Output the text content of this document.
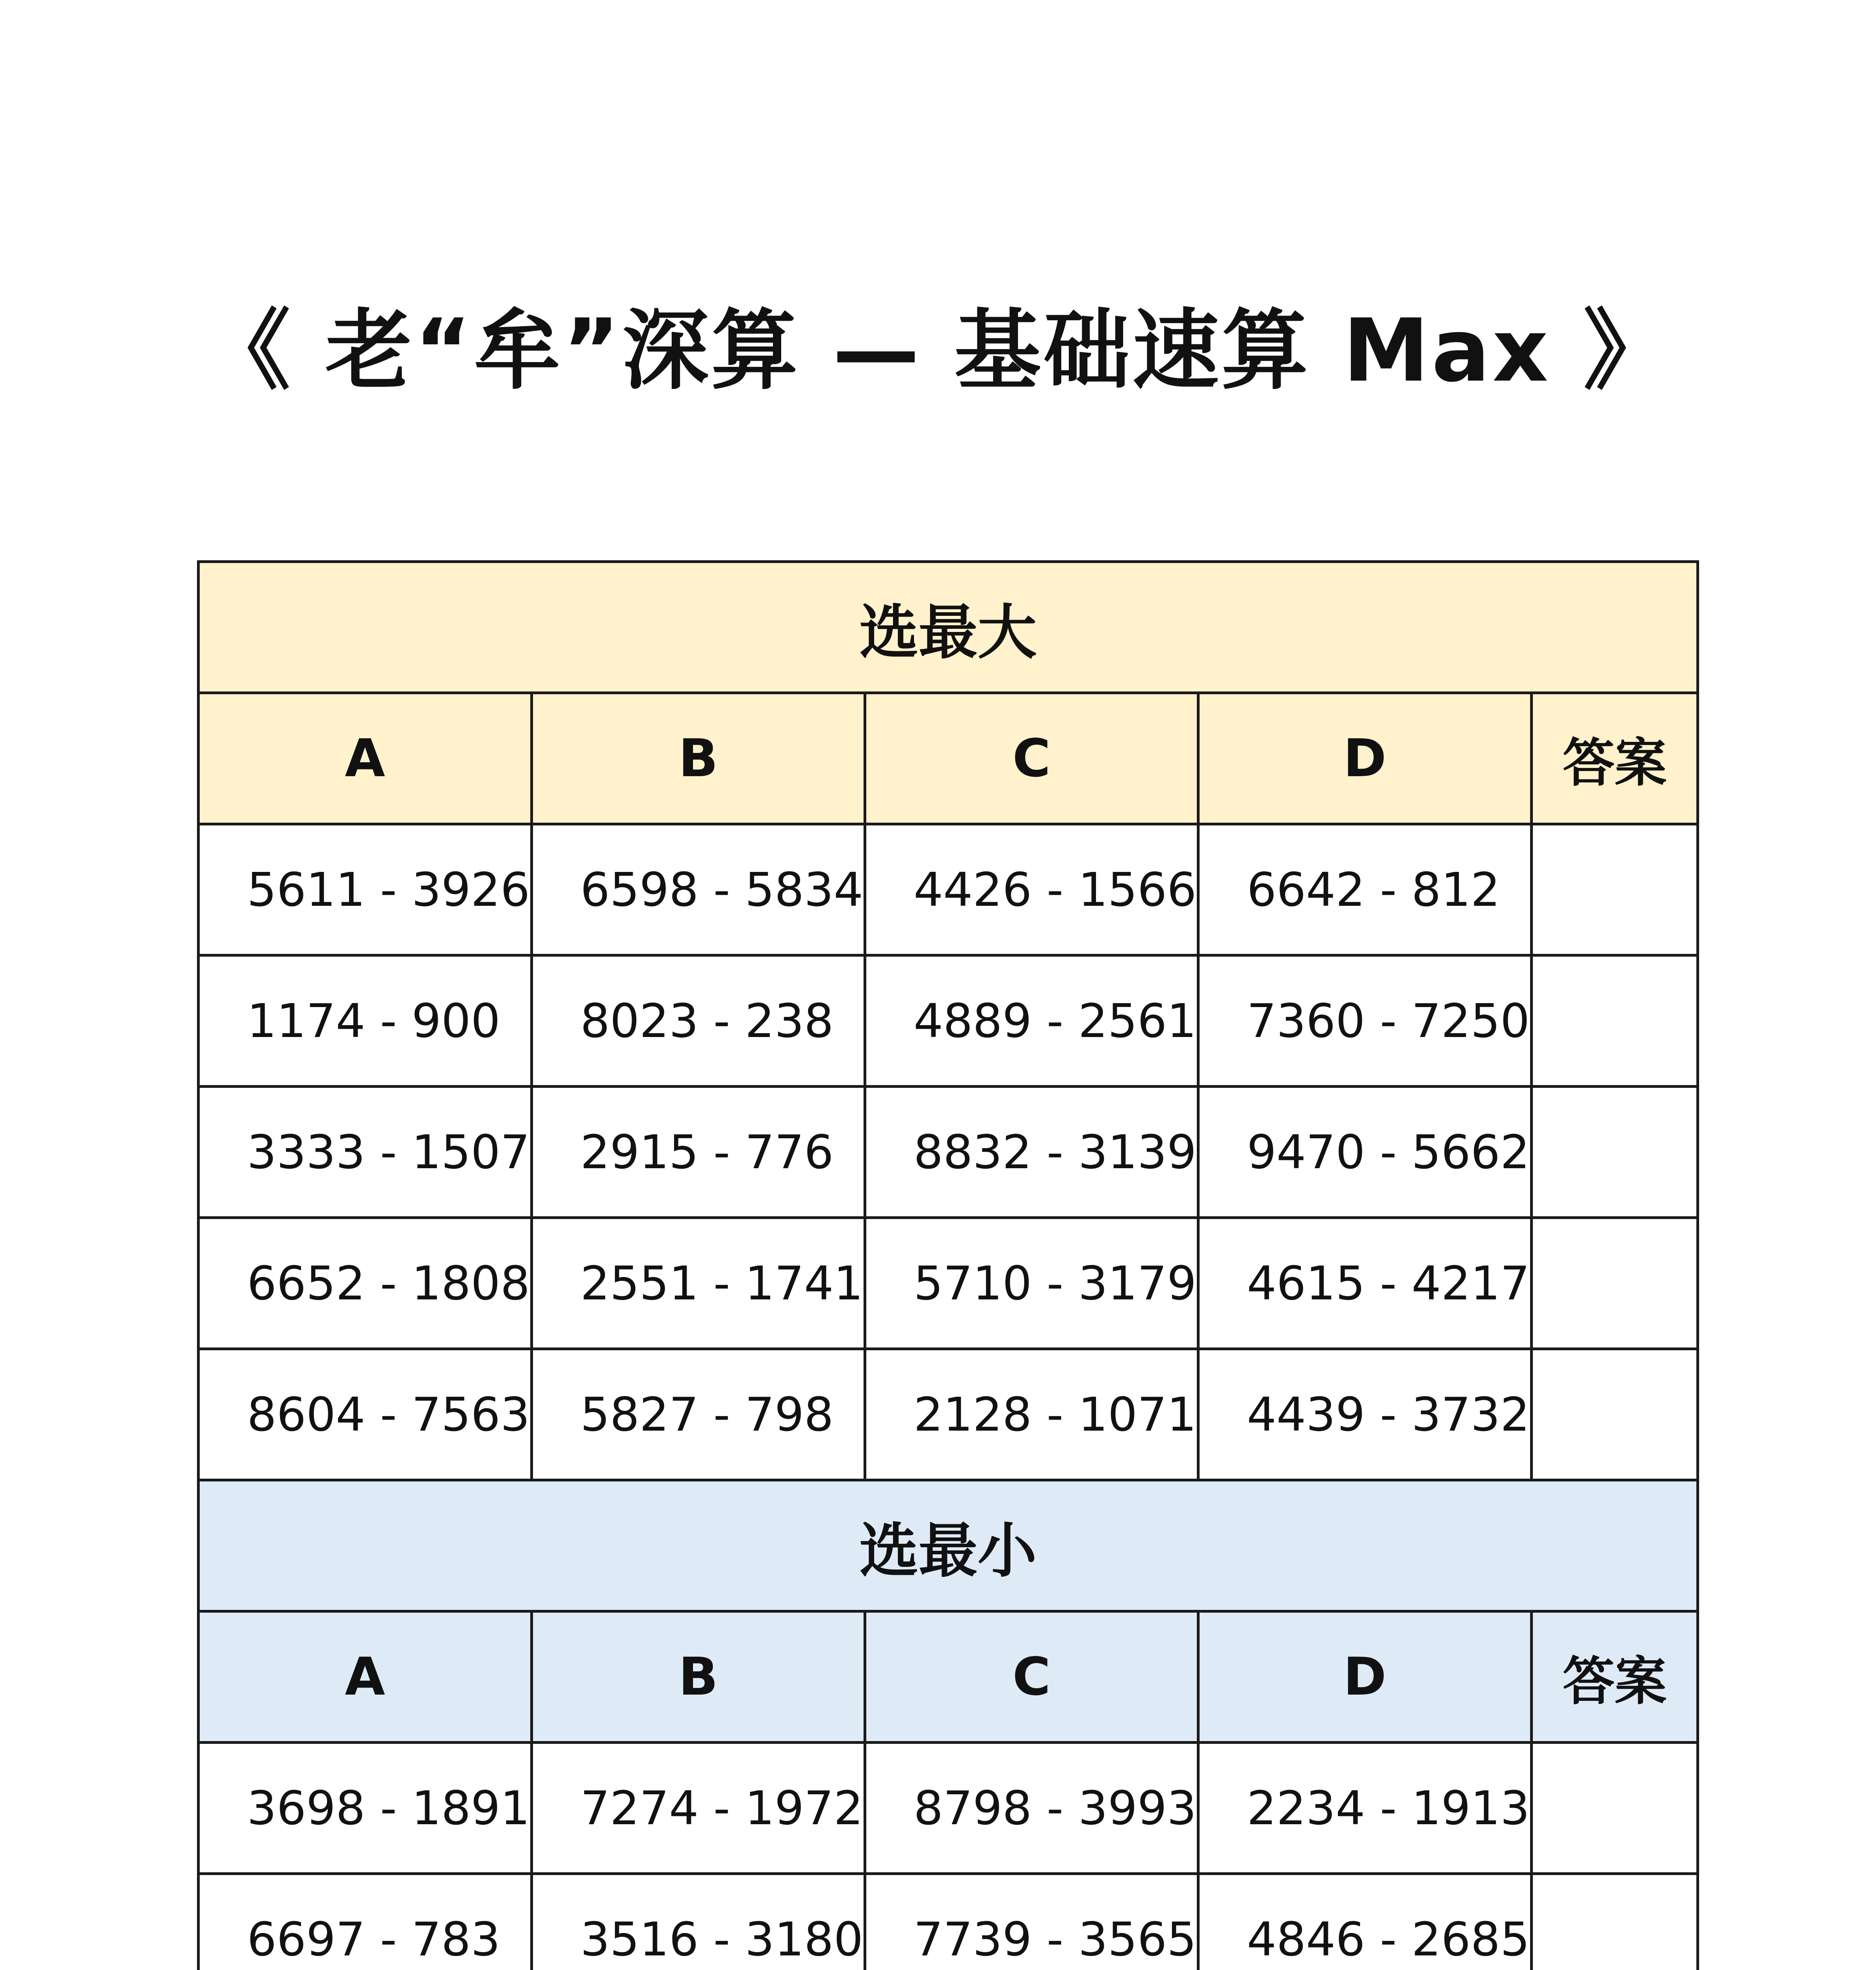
《 老“牟”深算 — 基础速算 Max 》
选最大				
A	B	C	D	答案
5611 - 3926	6598 - 5834	4426 - 1566	6642 - 812	
1174 - 900	8023 - 238	4889 - 2561	7360 - 7250	
3333 - 1507	2915 - 776	8832 - 3139	9470 - 5662	
6652 - 1808	2551 - 1741	5710 - 3179	4615 - 4217	
8604 - 7563	5827 - 798	2128 - 1071	4439 - 3732	
选最小				
A	B	C	D	答案
3698 - 1891	7274 - 1972	8798 - 3993	2234 - 1913	
6697 - 783	3516 - 3180	7739 - 3565	4846 - 2685	
